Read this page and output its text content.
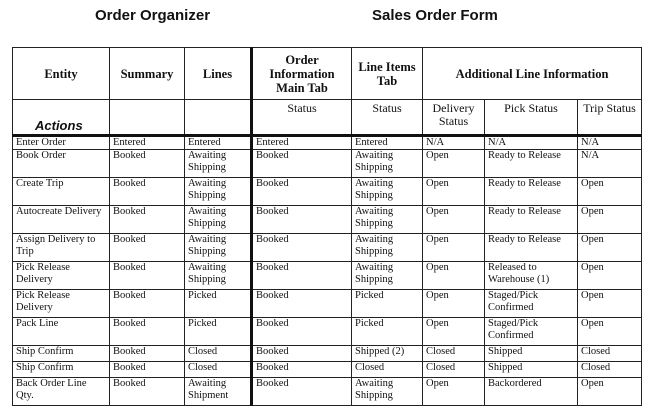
Order Organizer	Sales Order Form
Entity	Summary	Lines	Order Information Main Tab	Line Items Tab	Additional Line Information		
Actions			Status	Status	Delivery Status	Pick Status	Trip Status
Enter Order	Entered	Entered	Entered	Entered	N/A	N/A	N/A
Book Order	Booked	Awaiting Shipping	Booked	Awaiting Shipping	Open	Ready to Release	N/A
Create Trip	Booked	Awaiting Shipping	Booked	Awaiting Shipping	Open	Ready to Release	Open
Autocreate Delivery	Booked	Awaiting Shipping	Booked	Awaiting Shipping	Open	Ready to Release	Open
Assign Delivery to Trip	Booked	Awaiting Shipping	Booked	Awaiting Shipping	Open	Ready to Release	Open
Pick Release Delivery	Booked	Awaiting Shipping	Booked	Awaiting Shipping	Open	Released to Warehouse (1)	Open
Pick Release Delivery	Booked	Picked	Booked	Picked	Open	Staged/Pick Confirmed	Open
Pack Line	Booked	Picked	Booked	Picked	Open	Staged/Pick Confirmed	Open
Ship Confirm	Booked	Closed	Booked	Shipped (2)	Closed	Shipped	Closed
Ship Confirm	Booked	Closed	Booked	Closed	Closed	Shipped	Closed
Back Order Line Qty.	Booked	Awaiting Shipment	Booked	Awaiting Shipping	Open	Backordered	Open
